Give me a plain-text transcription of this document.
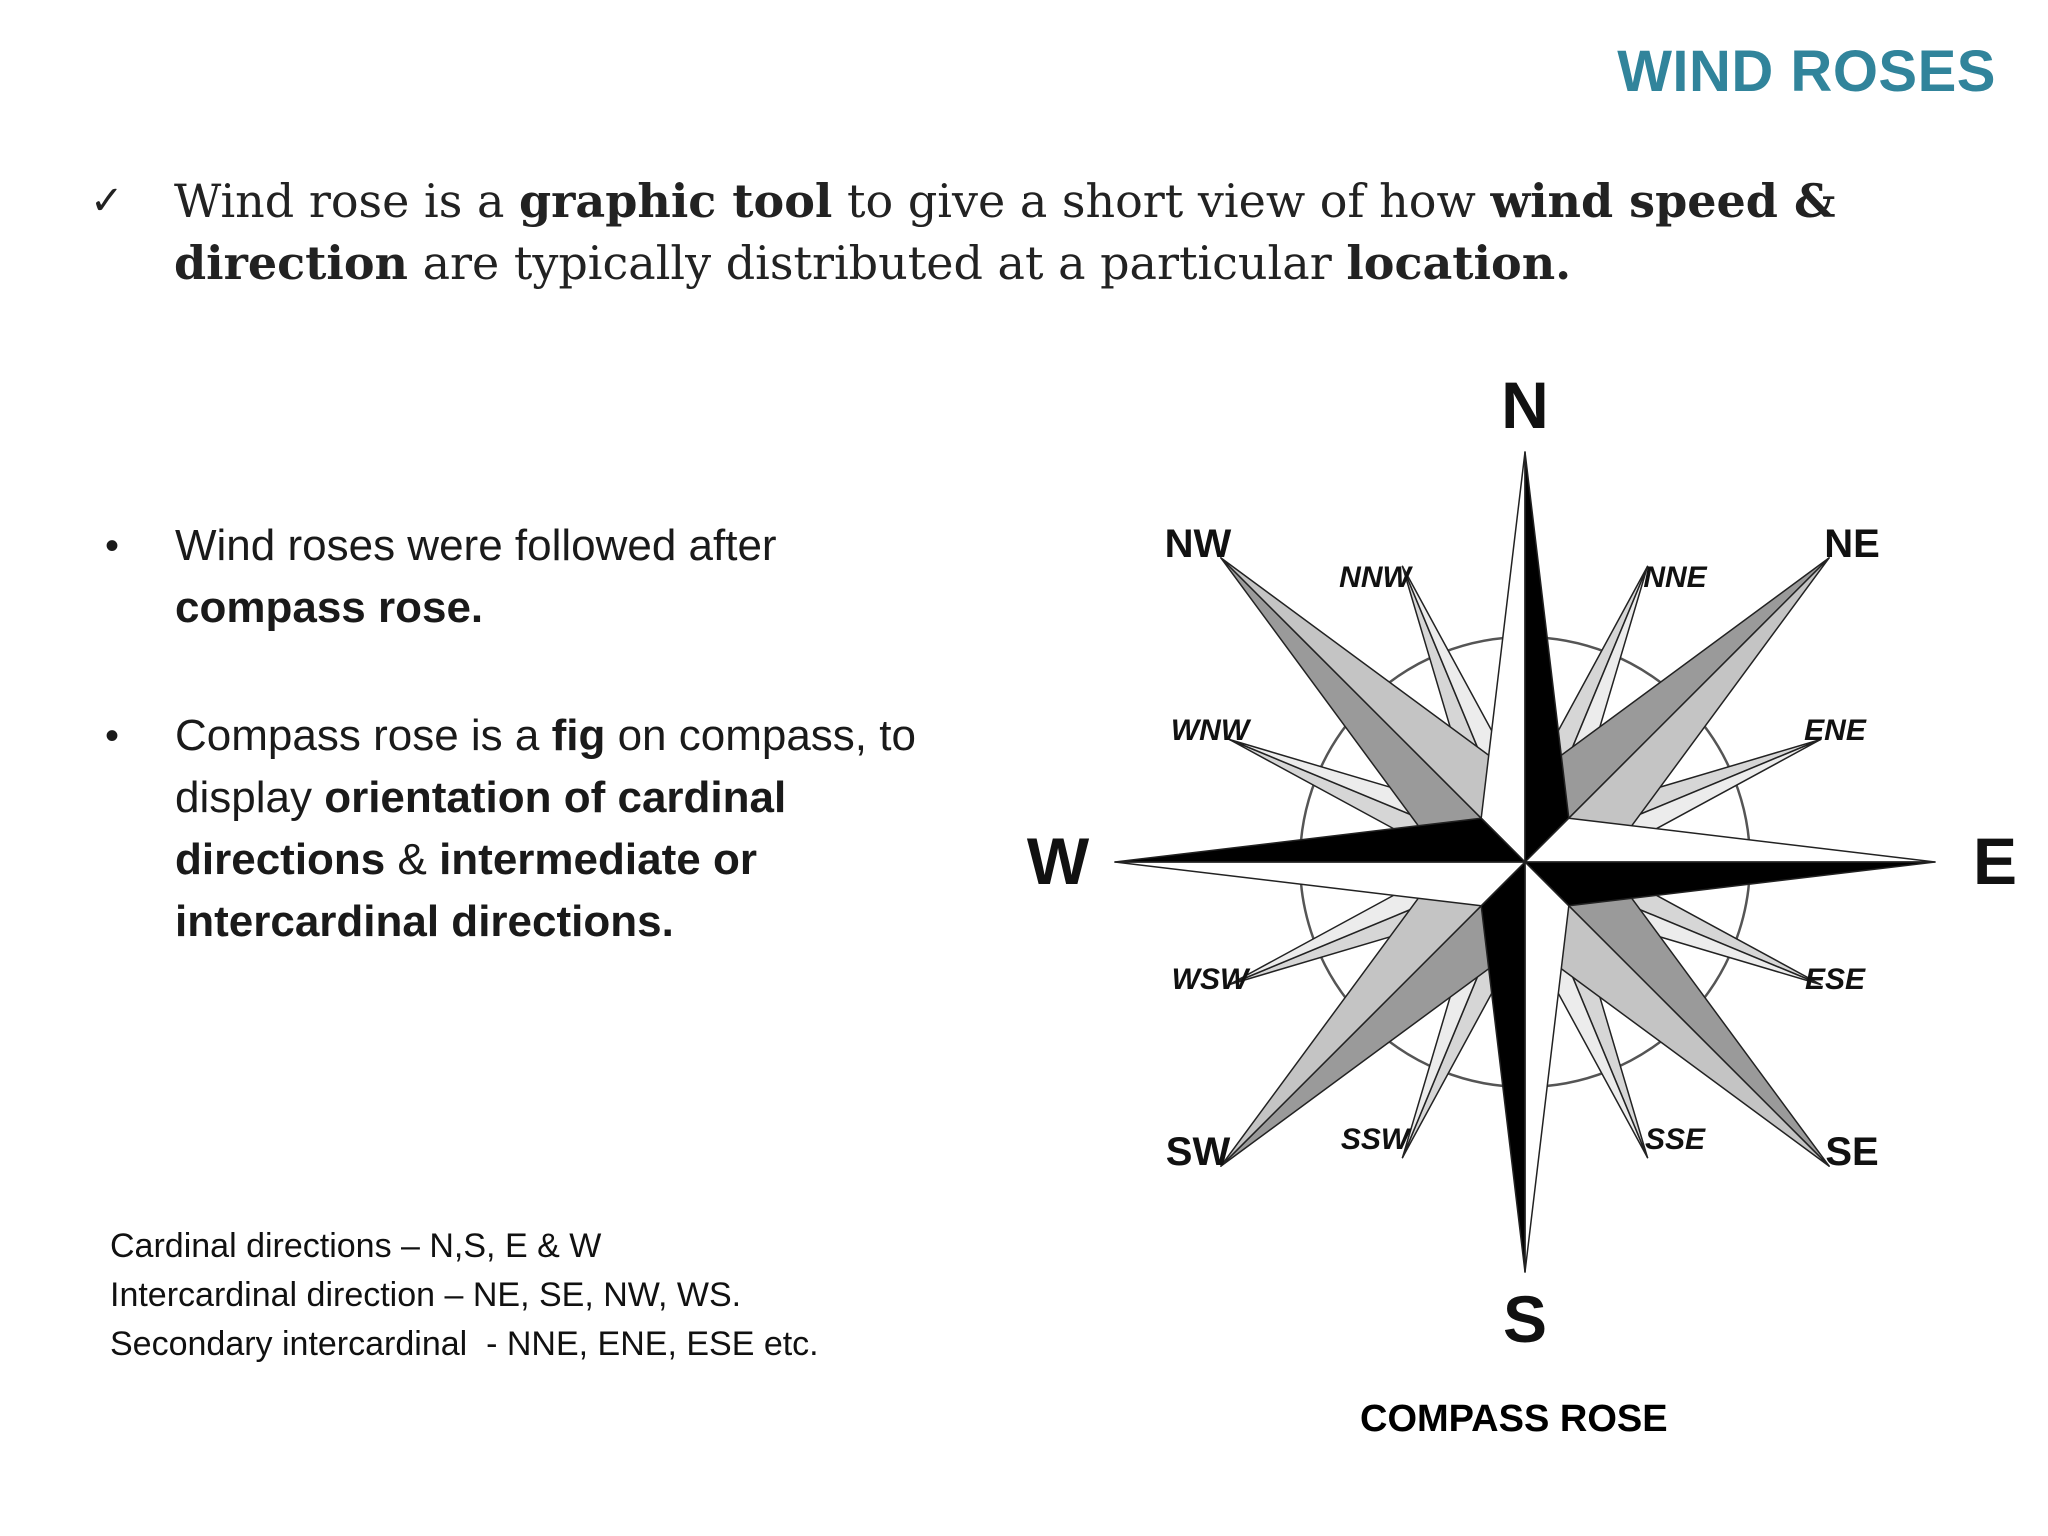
WIND ROSES
✓ Wind rose is a graphic tool to give a short view of how wind speed & direction are typically distributed at a particular location.
• Wind roses were followed after compass rose.
• Compass rose is a fig on compass, to display orientation of cardinal directions & intermediate or intercardinal directions.
Cardinal directions – N,S, E & W
Intercardinal direction – NE, SE, NW, WS.
Secondary intercardinal  - NNE, ENE, ESE etc.
N
E
S
W
NE
SE
SW
NW
NNE
ENE
ESE
SSE
SSW
WSW
WNW
NNW
COMPASS ROSE
